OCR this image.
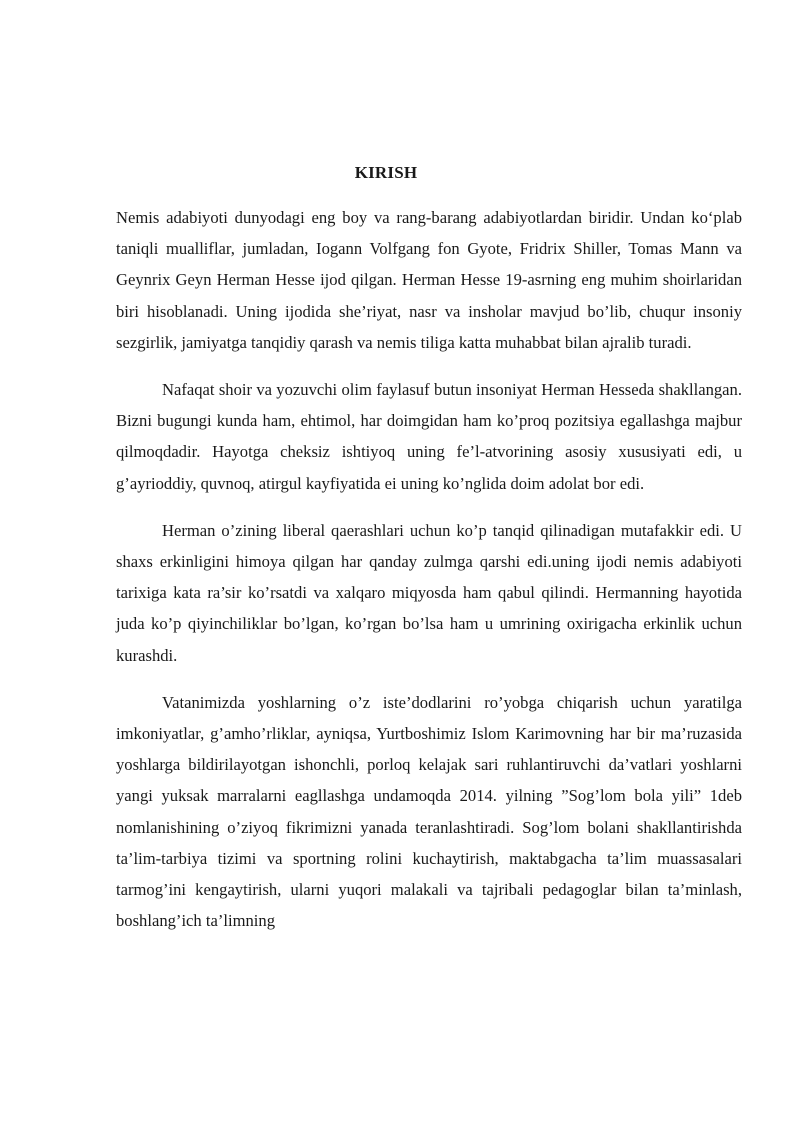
KIRISH

Nemis adabiyoti dunyodagi eng boy va rang-barang adabiyotlardan biridir. Undan ko‘plab taniqli mualliflar, jumladan, Iogann Volfgang fon Gyote, Fridrix Shiller, Tomas Mann va Geynrix Geyn Herman Hesse ijod qilgan. Herman Hesse 19-asrning eng muhim shoirlaridan biri hisoblanadi. Uning ijodida she’riyat, nasr va insholar mavjud bo’lib, chuqur insoniy sezgirlik, jamiyatga tanqidiy qarash va nemis tiliga katta muhabbat bilan ajralib turadi.

Nafaqat shoir va yozuvchi olim faylasuf butun insoniyat Herman Hesseda shakllangan. Bizni bugungi kunda ham, ehtimol, har doimgidan ham ko’proq pozitsiya egallashga majbur qilmoqdadir. Hayotga cheksiz ishtiyoq uning fe’l-atvorining asosiy xususiyati edi, u g’ayrioddiy, quvnoq, atirgul kayfiyatida ei uning ko’nglida doim adolat bor edi.

Herman o’zining liberal qaerashlari uchun ko’p tanqid qilinadigan mutafakkir edi. U shaxs erkinligini himoya qilgan har qanday zulmga qarshi edi.uning ijodi nemis adabiyoti tarixiga kata ra’sir ko’rsatdi va xalqaro miqyosda ham qabul qilindi. Hermanning hayotida juda ko’p qiyinchiliklar bo’lgan, ko’rgan bo’lsa ham u umrining oxirigacha erkinlik uchun kurashdi.

Vatanimizda yoshlarning o’z iste’dodlarini ro’yobga chiqarish uchun yaratilga imkoniyatlar, g’amho’rliklar, ayniqsa, Yurtboshimiz Islom Karimovning har bir ma’ruzasida yoshlarga bildirilayotgan ishonchli, porloq kelajak sari ruhlantiruvchi da’vatlari yoshlarni yangi yuksak marralarni eagllashga undamoqda 2014. yilning ”Sog’lom bola yili” 1deb nomlanishining o’ziyoq fikrimizni yanada teranlashtiradi. Sog’lom bolani shakllantirishda ta’lim-tarbiya tizimi va sportning rolini kuchaytirish, maktabgacha ta’lim muassasalari tarmog’ini kengaytirish, ularni yuqori malakali va tajribali pedagoglar bilan ta’minlash, boshlang’ich ta’limning
